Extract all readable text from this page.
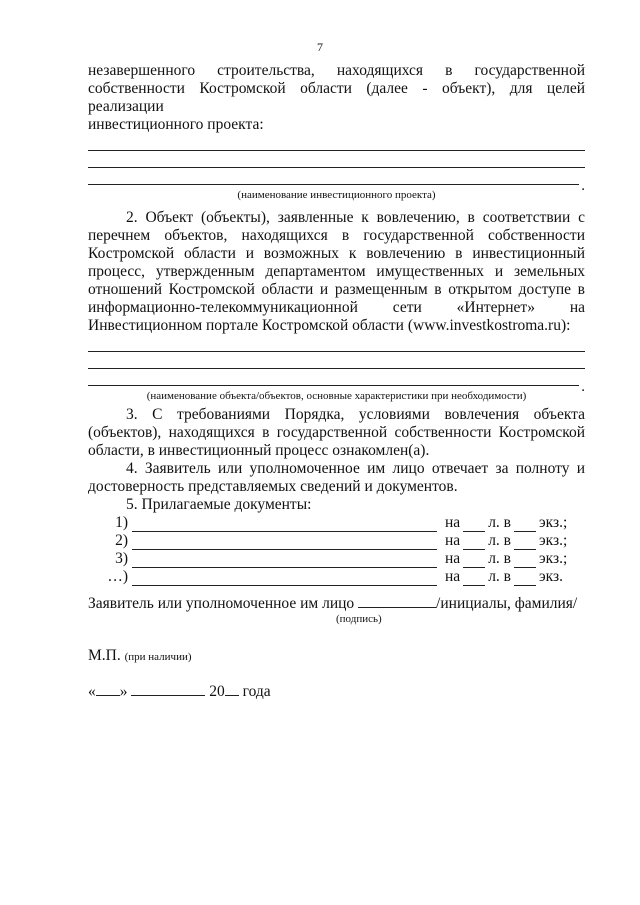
7

незавершенного строительства, находящихся в государственной

собственности Костромской области (далее - объект), для целей реализации

инвестиционного проекта:

.
(наименование инвестиционного проекта)

2. Объект (объекты), заявленные к вовлечению, в соответствии с

перечнем объектов, находящихся в государственной собственности

Костромской области и возможных к вовлечению в инвестиционный

процесс, утвержденным департаментом имущественных и земельных

отношений Костромской области и размещенным в открытом доступе в

информационно-телекоммуникационной сети «Интернет» на

Инвестиционном портале Костромской области (www.investkostroma.ru):

.
(наименование объекта/объектов, основные характеристики при необходимости)

3. С требованиями Порядка, условиями вовлечения объекта

(объектов), находящихся в государственной собственности Костромской

области, в инвестиционный процесс ознакомлен(а).

4. Заявитель или уполномоченное им лицо отвечает за полноту и

достоверность представляемых сведений и документов.

5. Прилагаемые документы:

1)	на л. в экз.;
2)	на л. в экз.;
3)	на л. в экз.;
…)	на л. в экз.
Заявитель или уполномоченное им лицо	/инициалы, фамилия/
(подпись)
М.П. (при наличии)
« »	20 года
